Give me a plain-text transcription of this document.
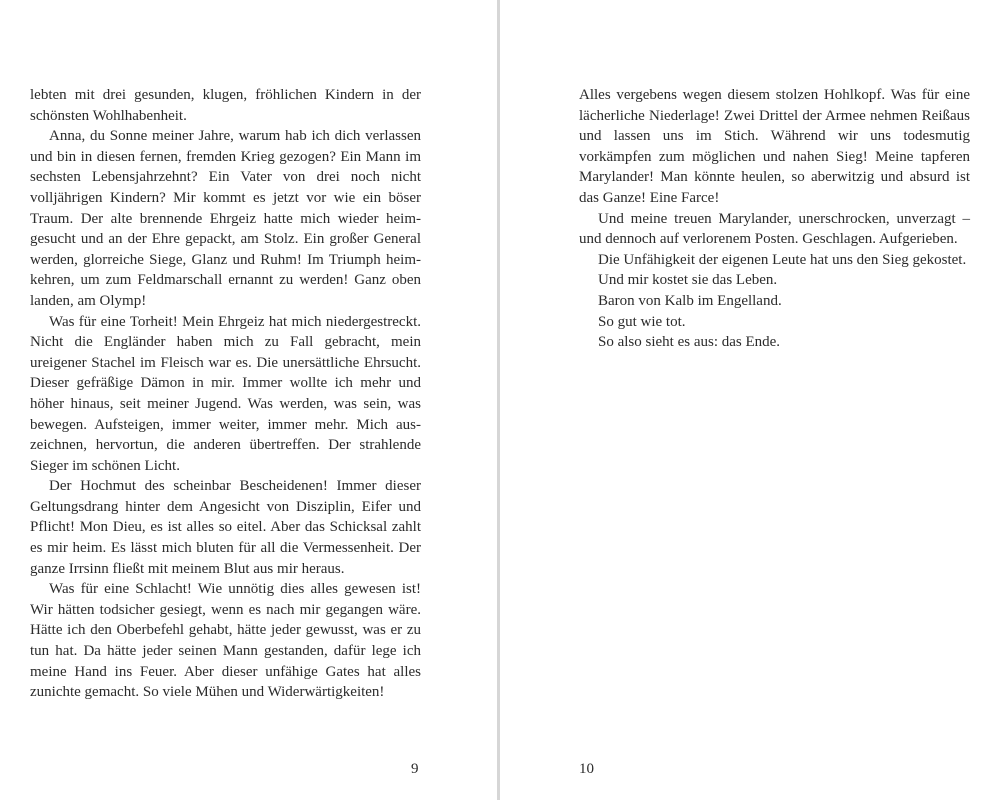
lebten mit drei gesunden, klugen, fröhlichen Kindern in der schönsten Wohlhabenheit.

Anna, du Sonne meiner Jahre, warum hab ich dich verlassen und bin in diesen fernen, fremden Krieg gezogen? Ein Mann im sechsten Lebensjahrzehnt? Ein Vater von drei noch nicht volljährigen Kindern? Mir kommt es jetzt vor wie ein böser Traum. Der alte brennende Ehrgeiz hatte mich wieder heimgesucht und an der Ehre gepackt, am Stolz. Ein großer General werden, glorreiche Siege, Glanz und Ruhm! Im Triumph heimkehren, um zum Feldmarschall ernannt zu werden! Ganz oben landen, am Olymp!

Was für eine Torheit! Mein Ehrgeiz hat mich niedergestreckt. Nicht die Engländer haben mich zu Fall gebracht, mein ureigener Stachel im Fleisch war es. Die unersättliche Ehrsucht. Dieser gefräßige Dämon in mir. Immer wollte ich mehr und höher hinaus, seit meiner Jugend. Was werden, was sein, was bewegen. Aufsteigen, immer weiter, immer mehr. Mich auszeichnen, hervortun, die anderen übertreffen. Der strahlende Sieger im schönen Licht.

Der Hochmut des scheinbar Bescheidenen! Immer dieser Geltungsdrang hinter dem Angesicht von Disziplin, Eifer und Pflicht! Mon Dieu, es ist alles so eitel. Aber das Schicksal zahlt es mir heim. Es lässt mich bluten für all die Vermessenheit. Der ganze Irrsinn fließt mit meinem Blut aus mir heraus.

Was für eine Schlacht! Wie unnötig dies alles gewesen ist! Wir hätten todsicher gesiegt, wenn es nach mir gegangen wäre. Hätte ich den Oberbefehl gehabt, hätte jeder gewusst, was er zu tun hat. Da hätte jeder seinen Mann gestanden, dafür lege ich meine Hand ins Feuer. Aber dieser unfähige Gates hat alles zunichte gemacht. So viele Mühen und Widerwärtigkeiten!

9

Alles vergebens wegen diesem stolzen Hohlkopf. Was für eine lächerliche Niederlage! Zwei Drittel der Armee nehmen Reißaus und lassen uns im Stich. Während wir uns todesmutig vorkämpfen zum möglichen und nahen Sieg! Meine tapferen Marylander! Man könnte heulen, so aberwitzig und absurd ist das Ganze! Eine Farce!

Und meine treuen Marylander, unerschrocken, unverzagt – und dennoch auf verlorenem Posten. Geschlagen. Aufgerieben.

Die Unfähigkeit der eigenen Leute hat uns den Sieg gekostet.

Und mir kostet sie das Leben.

Baron von Kalb im Engelland.

So gut wie tot.

So also sieht es aus: das Ende.

10
